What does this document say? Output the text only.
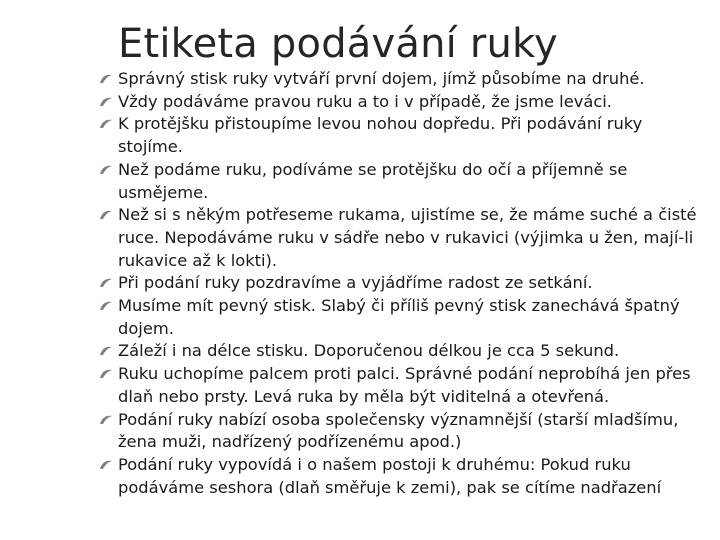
Etiketa podávání ruky
Správný stisk ruky vytváří první dojem, jímž působíme na druhé.
Vždy podáváme pravou ruku a to i v případě, že jsme leváci.
K protějšku přistoupíme levou nohou dopředu. Při podávání ruky stojíme.
Než podáme ruku, podíváme se protějšku do očí a příjemně se usmějeme.
Než si s někým potřeseme rukama, ujistíme se, že máme suché a čisté ruce. Nepodáváme ruku v sádře nebo v rukavici (výjimka u žen, mají-li rukavice až k lokti).
Při podání ruky pozdravíme a vyjádříme radost ze setkání.
Musíme mít pevný stisk. Slabý či příliš pevný stisk zanechává špatný dojem.
Záleží i na délce stisku. Doporučenou délkou je cca 5 sekund.
Ruku uchopíme palcem proti palci. Správné podání neprobíhá jen přes dlaň nebo prsty. Levá ruka by měla být viditelná a otevřená.
Podání ruky nabízí osoba společensky významnější (starší mladšímu, žena muži, nadřízený podřízenému apod.)
Podání ruky vypovídá i o našem postoji k druhému: Pokud ruku podáváme seshora (dlaň směřuje k zemi), pak se cítíme nadřazení
